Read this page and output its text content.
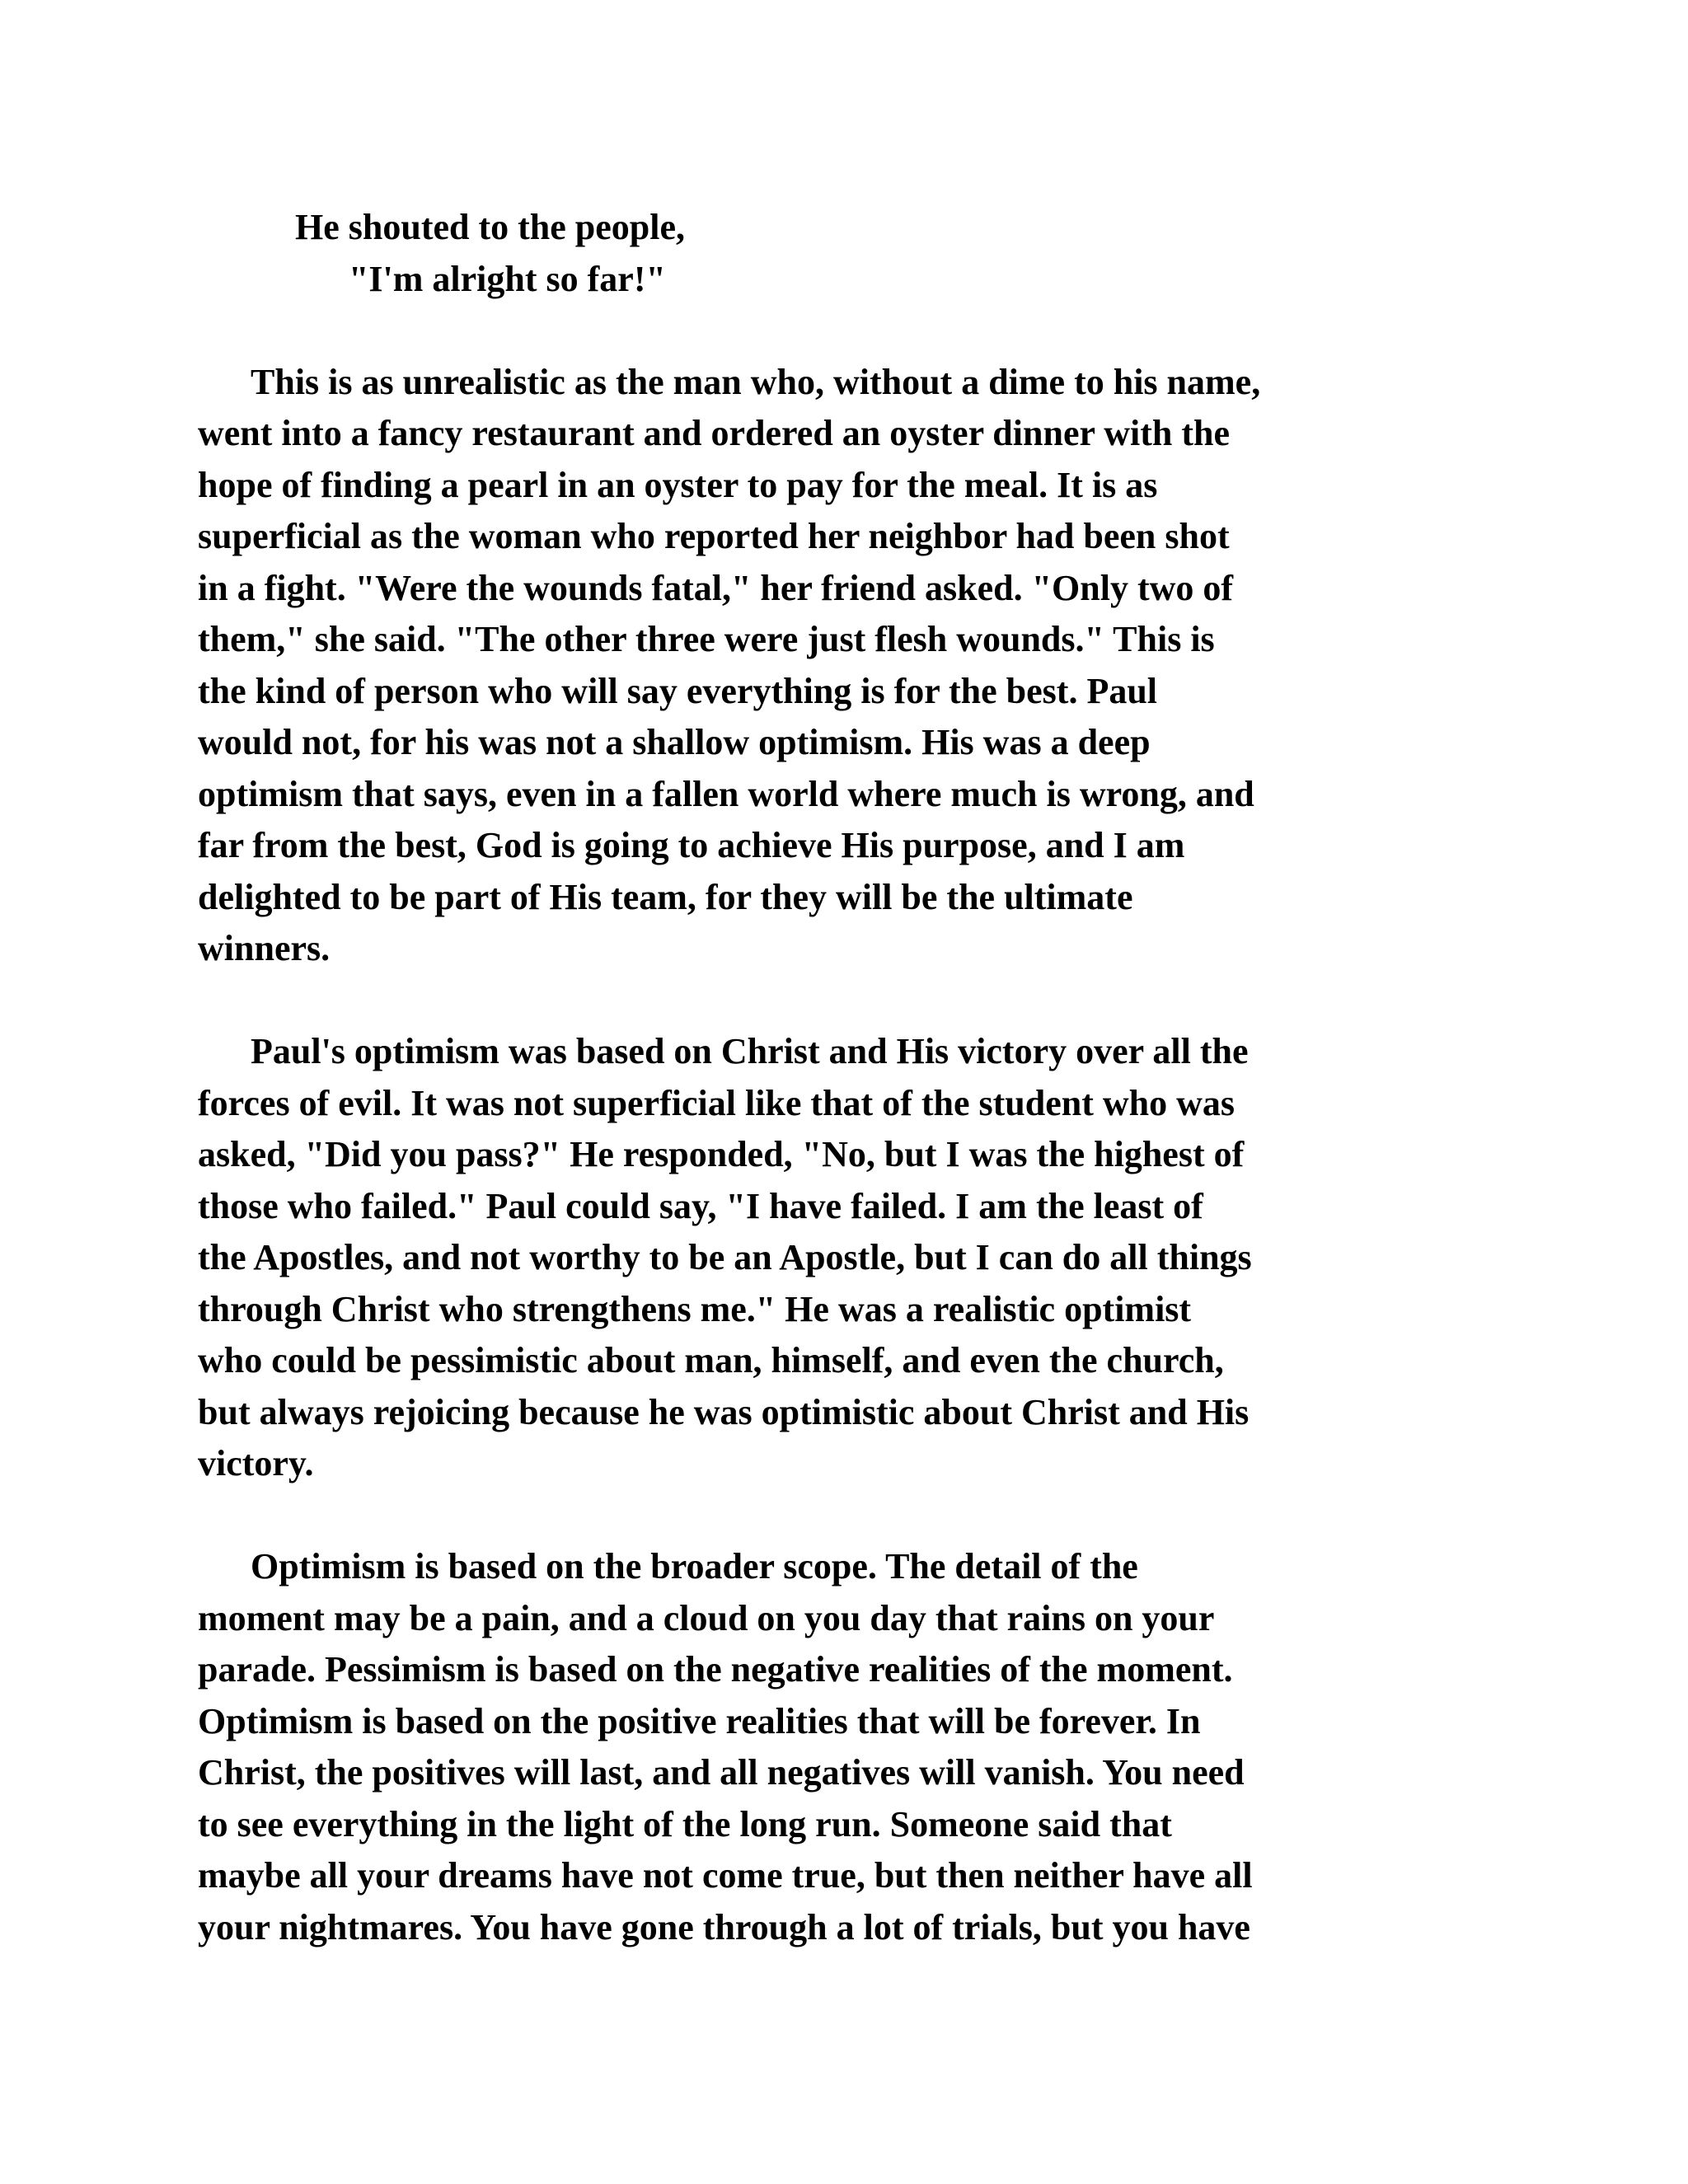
He shouted to the people,
"I'm alright so far!"
This is as unrealistic as the man who, without a dime to his name,
went into a fancy restaurant and ordered an oyster dinner with the
hope of finding a pearl in an oyster to pay for the meal. It is as
superficial as the woman who reported her neighbor had been shot
in a fight. "Were the wounds fatal," her friend asked. "Only two of
them," she said. "The other three were just flesh wounds." This is
the kind of person who will say everything is for the best. Paul
would not, for his was not a shallow optimism. His was a deep
optimism that says, even in a fallen world where much is wrong, and
far from the best, God is going to achieve His purpose, and I am
delighted to be part of His team, for they will be the ultimate
winners.
Paul's optimism was based on Christ and His victory over all the
forces of evil. It was not superficial like that of the student who was
asked, "Did you pass?" He responded, "No, but I was the highest of
those who failed." Paul could say, "I have failed. I am the least of
the Apostles, and not worthy to be an Apostle, but I can do all things
through Christ who strengthens me." He was a realistic optimist
who could be pessimistic about man, himself, and even the church,
but always rejoicing because he was optimistic about Christ and His
victory.
Optimism is based on the broader scope. The detail of the
moment may be a pain, and a cloud on you day that rains on your
parade. Pessimism is based on the negative realities of the moment.
Optimism is based on the positive realities that will be forever. In
Christ, the positives will last, and all negatives will vanish. You need
to see everything in the light of the long run. Someone said that
maybe all your dreams have not come true, but then neither have all
your nightmares. You have gone through a lot of trials, but you have
